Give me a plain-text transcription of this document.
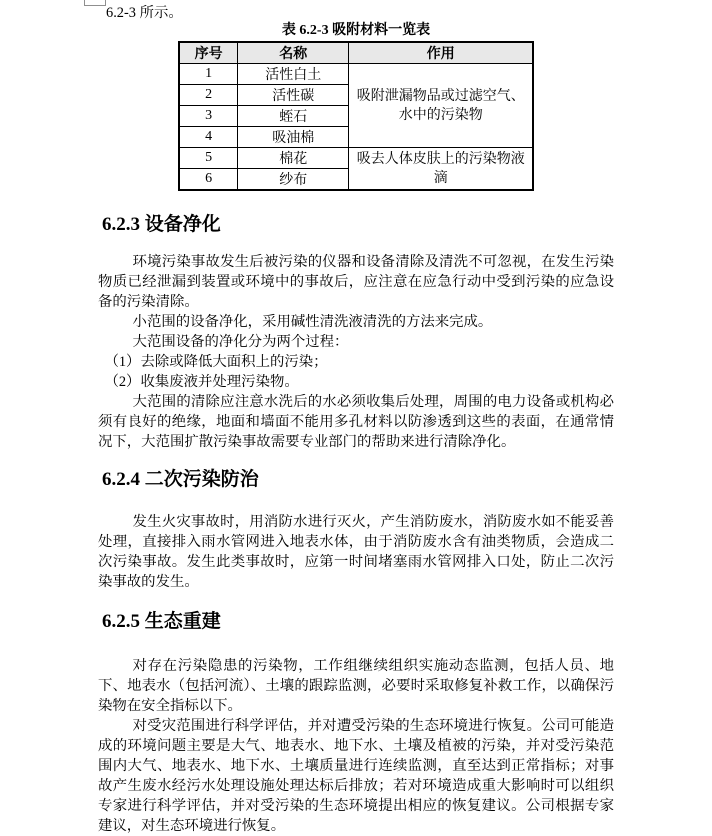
6.2-3 所示。

表 6.2-3 吸附材料一览表
序号	名称	作用
1	活性白土	吸附泄漏物品或过滤空气、水中的污染物
2	活性碳	
3	蛭石	
4	吸油棉	
5	棉花	吸去人体皮肤上的污染物液滴
6	纱布	
6.2.3 设备净化

环境污染事故发生后被污染的仪器和设备清除及清洗不可忽视，在发生污染物质已经泄漏到装置或环境中的事故后，应注意在应急行动中受到污染的应急设备的污染清除。

小范围的设备净化，采用碱性清洗液清洗的方法来完成。

大范围设备的净化分为两个过程：

（1）去除或降低大面积上的污染；

（2）收集废液并处理污染物。

大范围的清除应注意水洗后的水必须收集后处理，周围的电力设备或机构必须有良好的绝缘，地面和墙面不能用多孔材料以防渗透到这些的表面，在通常情况下，大范围扩散污染事故需要专业部门的帮助来进行清除净化。

6.2.4 二次污染防治

发生火灾事故时，用消防水进行灭火，产生消防废水，消防废水如不能妥善处理，直接排入雨水管网进入地表水体，由于消防废水含有油类物质，会造成二次污染事故。发生此类事故时，应第一时间堵塞雨水管网排入口处，防止二次污染事故的发生。

6.2.5 生态重建

对存在污染隐患的污染物，工作组继续组织实施动态监测，包括人员、地下、地表水（包括河流）、土壤的跟踪监测，必要时采取修复补救工作，以确保污染物在安全指标以下。

对受灾范围进行科学评估，并对遭受污染的生态环境进行恢复。公司可能造成的环境问题主要是大气、地表水、地下水、土壤及植被的污染，并对受污染范围内大气、地表水、地下水、土壤质量进行连续监测，直至达到正常指标；对事故产生废水经污水处理设施处理达标后排放；若对环境造成重大影响时可以组织专家进行科学评估，并对受污染的生态环境提出相应的恢复建议。公司根据专家建议，对生态环境进行恢复。
